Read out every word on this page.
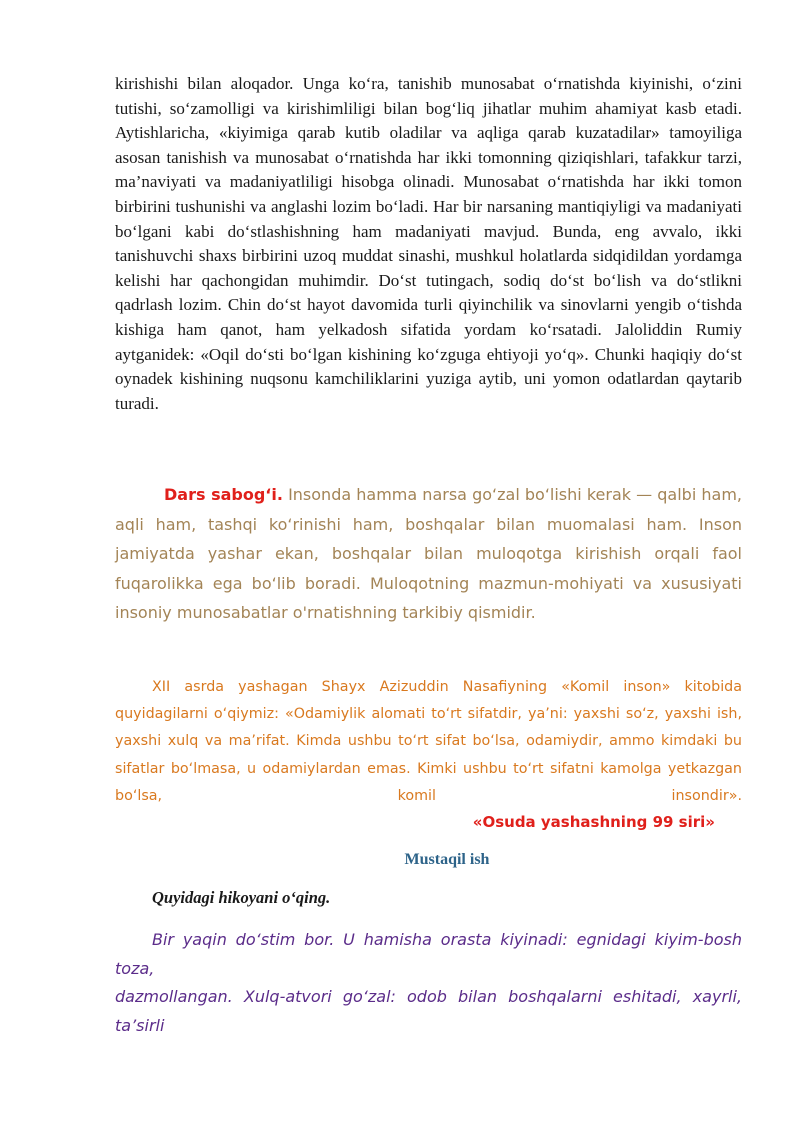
kirishishi bilan aloqador. Unga ko‘ra, tanishib munosabat o‘rnatishda kiyinishi, o‘zini tutishi, so‘zamolligi va kirishimliligi bilan bog‘liq jihatlar muhim ahamiyat kasb etadi. Aytishlaricha, «kiyimiga qarab kutib oladilar va aqliga qarab kuzatadilar» tamoyiliga asosan tanishish va munosabat o‘rnatishda har ikki tomonning qiziqishlari, tafakkur tarzi, ma’naviyati va madaniyatliligi hisobga olinadi. Munosabat o‘rnatishda har ikki tomon birbirini tushunishi va anglashi lozim bo‘ladi. Har bir narsaning mantiqiyligi va madaniyati bo‘lgani kabi do‘stlashishning ham madaniyati mavjud. Bunda, eng avvalo, ikki tanishuvchi shaxs birbirini uzoq muddat sinashi, mushkul holatlarda sidqidildan yordamga kelishi har qachongidan muhimdir. Do‘st tutingach, sodiq do‘st bo‘lish va do‘stlikni qadrlash lozim. Chin do‘st hayot davomida turli qiyinchilik va sinovlarni yengib o‘tishda kishiga ham qanot, ham yelkadosh sifatida yordam ko‘rsatadi. Jaloliddin Rumiy aytganidek: «Oqil do‘sti bo‘lgan kishining ko‘zguga ehtiyoji yo‘q». Chunki haqiqiy do‘st oynadek kishining nuqsonu kamchiliklarini yuziga aytib, uni yomon odatlardan qaytarib turadi.

Dars sabog‘i. Insonda hamma narsa go‘zal bo‘lishi kerak — qalbi ham, aqli ham, tashqi ko‘rinishi ham, boshqalar bilan muomalasi ham. Inson jamiyatda yashar ekan, boshqalar bilan muloqotga kirishish orqali faol fuqarolikka ega bo‘lib boradi. Muloqotning mazmun-mohiyati va xususiyati insoniy munosabatlar o'rnatishning tarkibiy qismidir.

XII asrda yashagan Shayx Azizuddin Nasafiyning «Komil inson» kitobida quyidagilarni o‘qiymiz: «Odamiylik alomati to‘rt sifatdir, ya’ni: yaxshi so‘z, yaxshi ish, yaxshi xulq va ma’rifat. Kimda ushbu to‘rt sifat bo‘lsa, odamiydir, ammo kimdaki bu sifatlar bo‘lmasa, u odamiylardan emas. Kimki ushbu to‘rt sifatni kamolga yetkazgan bo‘lsa, komil insondir».

«Osuda yashashning 99 siri»

Mustaqil ish

Quyidagi hikoyani o‘qing.

Bir yaqin do‘stim bor. U hamisha orasta kiyinadi: egnidagi kiyim-bosh
toza,
dazmollangan. Xulq-atvori go‘zal: odob bilan boshqalarni eshitadi, xayrli,
ta’sirli
